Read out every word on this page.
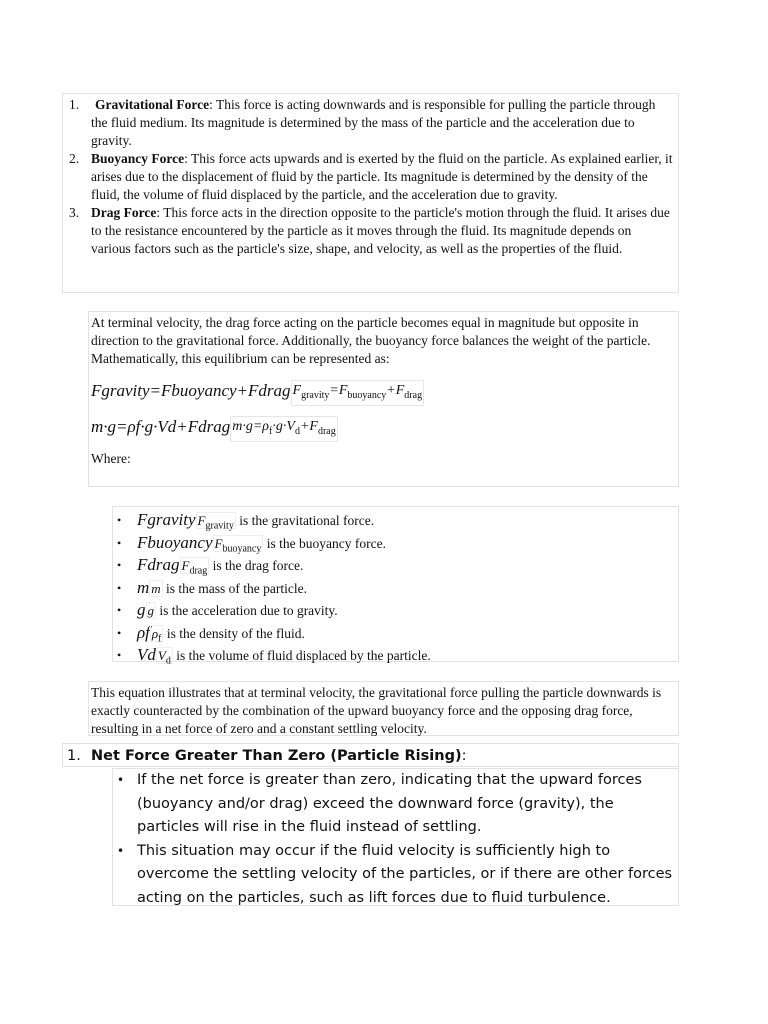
1. Gravitational Force: This force is acting downwards and is responsible for pulling the particle through the fluid medium. Its magnitude is determined by the mass of the particle and the acceleration due to gravity.
2. Buoyancy Force: This force acts upwards and is exerted by the fluid on the particle. As explained earlier, it arises due to the displacement of fluid by the particle. Its magnitude is determined by the density of the fluid, the volume of fluid displaced by the particle, and the acceleration due to gravity.
3. Drag Force: This force acts in the direction opposite to the particle's motion through the fluid. It arises due to the resistance encountered by the particle as it moves through the fluid. Its magnitude depends on various factors such as the particle's size, shape, and velocity, as well as the properties of the fluid.
At terminal velocity, the drag force acting on the particle becomes equal in magnitude but opposite in direction to the gravitational force. Additionally, the buoyancy force balances the weight of the particle. Mathematically, this equilibrium can be represented as:
Fgravity=Fbuoyancy+Fdrag $F_{gravity}=F_{buoyancy}+F_{drag}$
m·g=ρf·g·Vd+Fdrag $m\cdot g=\rho_f\cdot g\cdot V_d+F_{drag}$
Where:
• Fgravity $F_{gravity}$ is the gravitational force.
• Fbuoyancy $F_{buoyancy}$ is the buoyancy force.
• Fdrag $F_{drag}$ is the drag force.
• m m is the mass of the particle.
• g g is the acceleration due to gravity.
• ρf $\rho_f$ is the density of the fluid.
• Vd $V_d$ is the volume of fluid displaced by the particle.
This equation illustrates that at terminal velocity, the gravitational force pulling the particle downwards is exactly counteracted by the combination of the upward buoyancy force and the opposing drag force, resulting in a net force of zero and a constant settling velocity.
1. Net Force Greater Than Zero (Particle Rising):
• If the net force is greater than zero, indicating that the upward forces (buoyancy and/or drag) exceed the downward force (gravity), the particles will rise in the fluid instead of settling.
• This situation may occur if the fluid velocity is sufficiently high to overcome the settling velocity of the particles, or if there are other forces acting on the particles, such as lift forces due to fluid turbulence.
